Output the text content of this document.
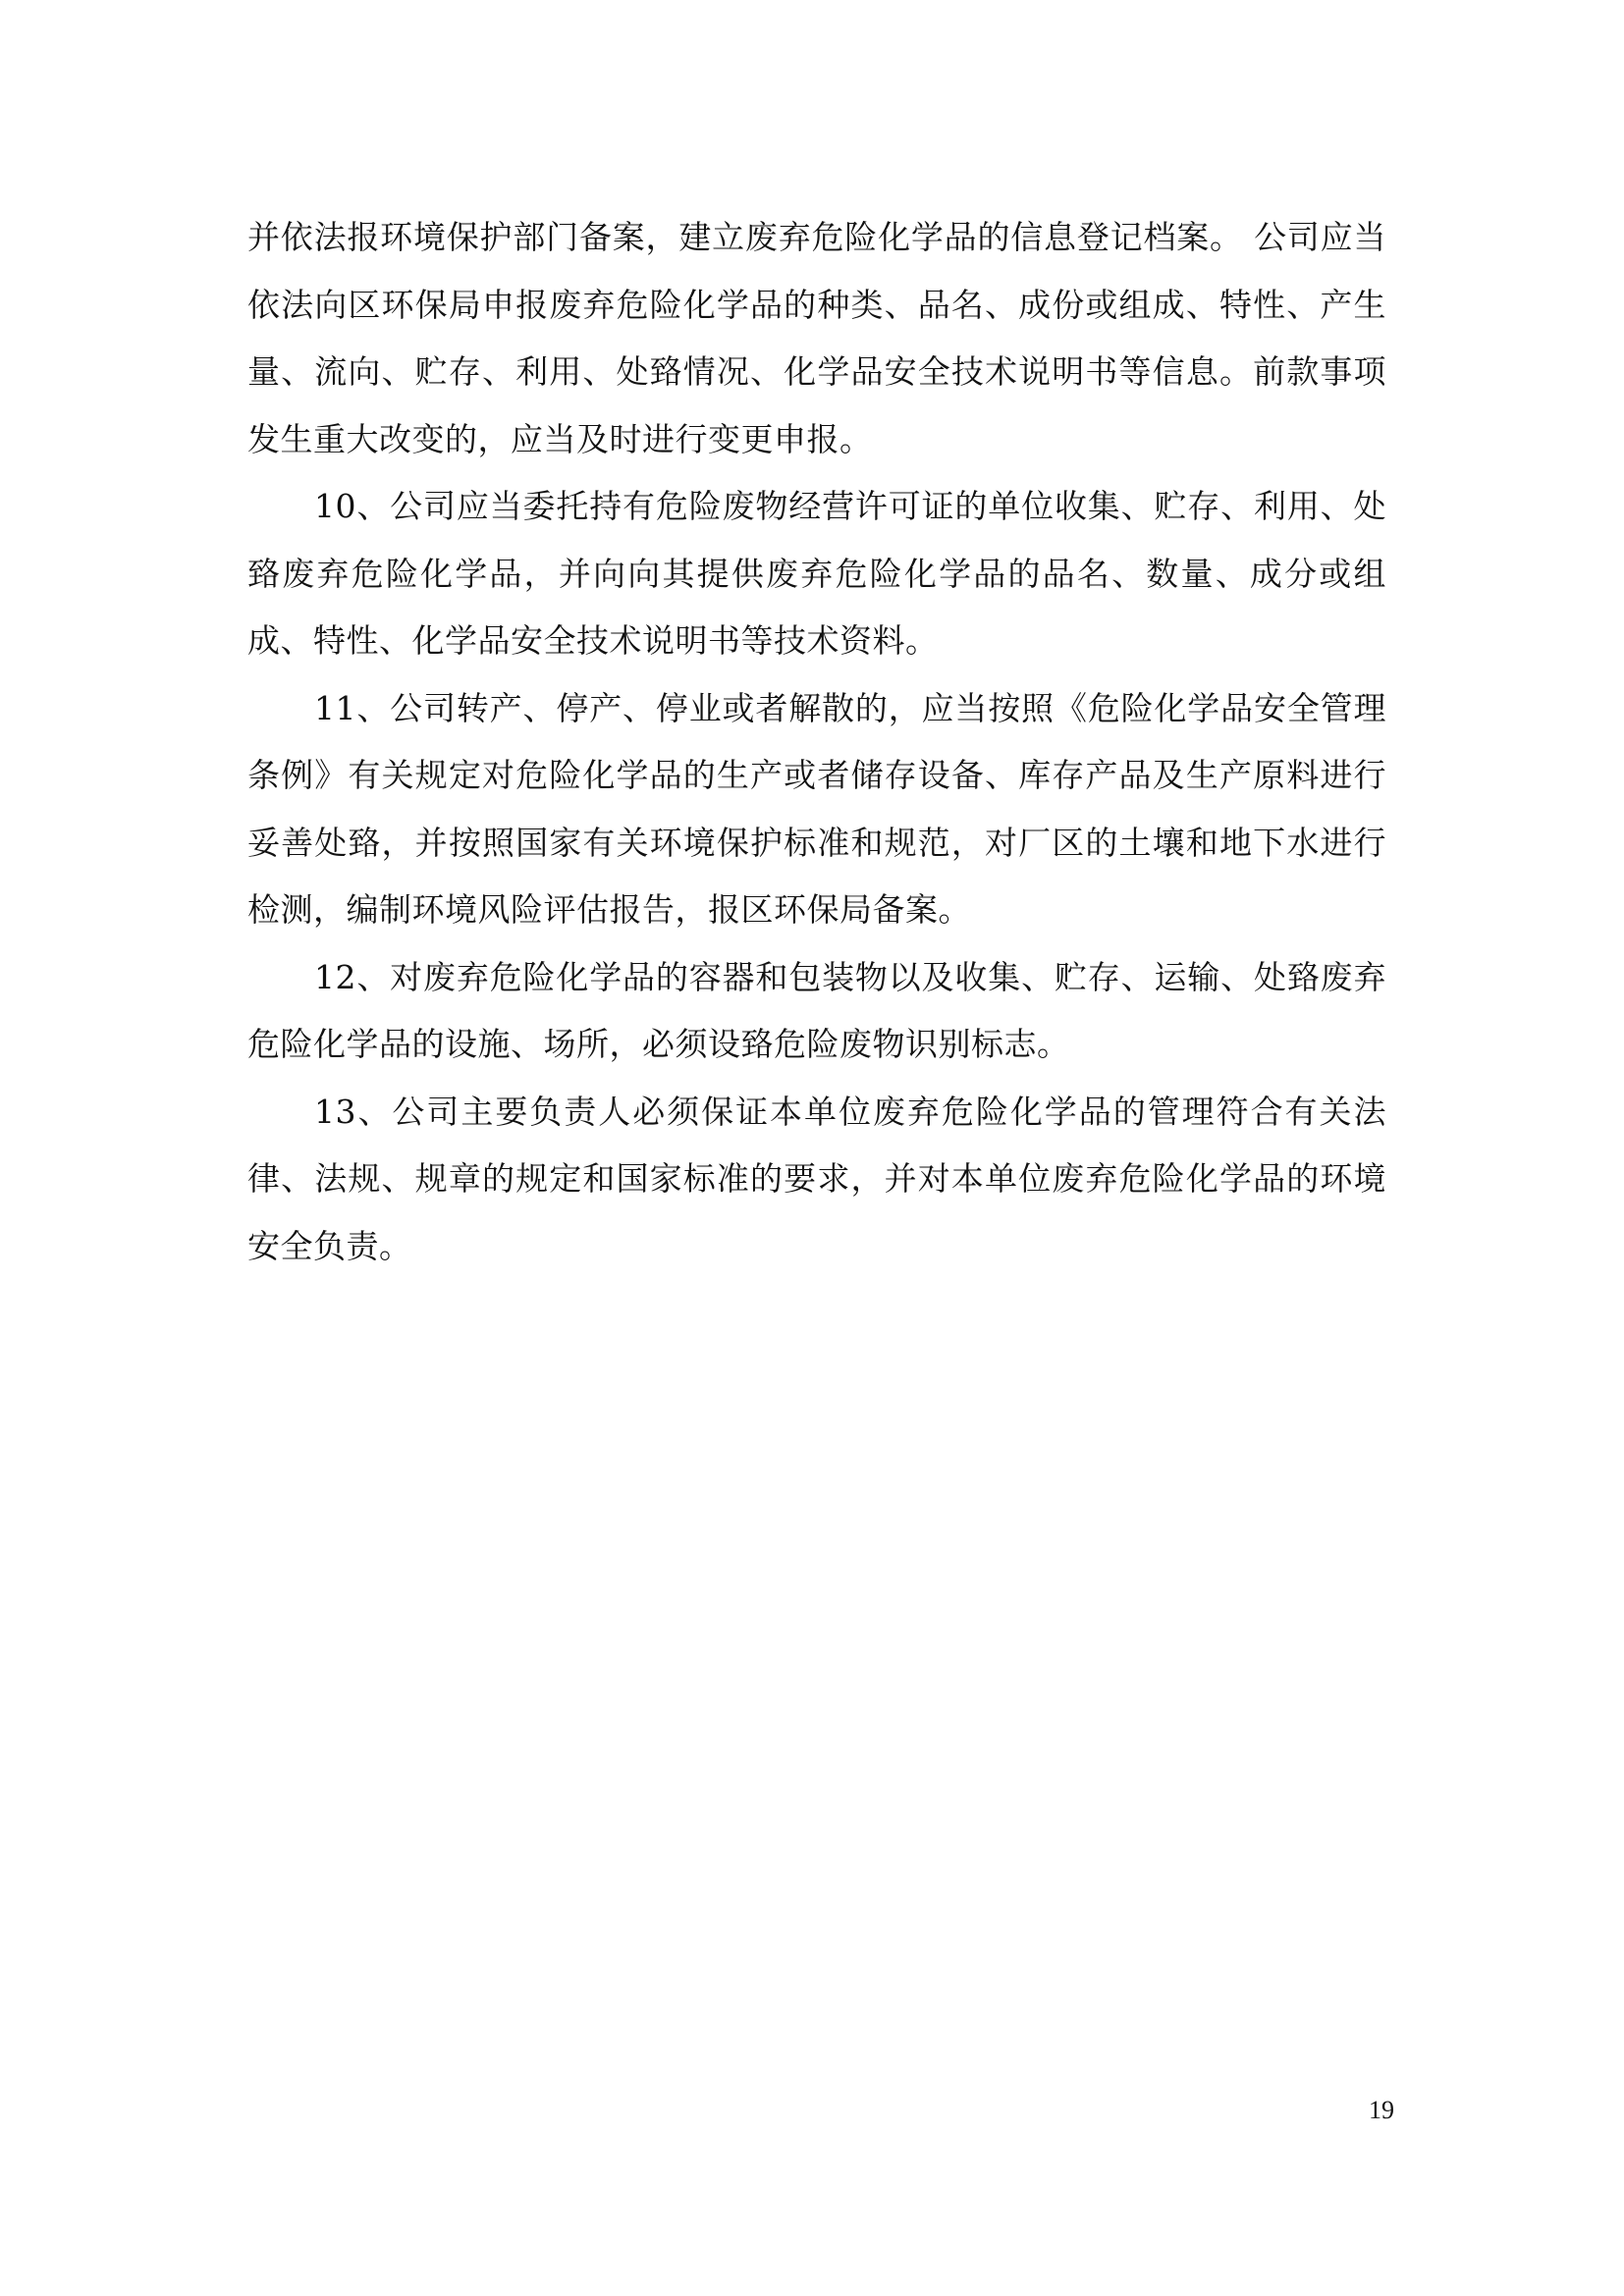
并依法报环境保护部门备案，建立废弃危险化学品的信息登记档案。 公司应当依法向区环保局申报废弃危险化学品的种类、品名、成份或组成、特性、产生量、流向、贮存、利用、处臵情况、化学品安全技术说明书等信息。前款事项发生重大改变的，应当及时进行变更申报。

10、公司应当委托持有危险废物经营许可证的单位收集、贮存、利用、处臵废弃危险化学品，并向向其提供废弃危险化学品的品名、数量、成分或组成、特性、化学品安全技术说明书等技术资料。

11、公司转产、停产、停业或者解散的，应当按照《危险化学品安全管理条例》有关规定对危险化学品的生产或者储存设备、库存产品及生产原料进行妥善处臵，并按照国家有关环境保护标准和规范，对厂区的土壤和地下水进行检测，编制环境风险评估报告，报区环保局备案。

12、对废弃危险化学品的容器和包装物以及收集、贮存、运输、处臵废弃危险化学品的设施、场所，必须设臵危险废物识别标志。

13、公司主要负责人必须保证本单位废弃危险化学品的管理符合有关法律、法规、规章的规定和国家标准的要求，并对本单位废弃危险化学品的环境安全负责。

19
